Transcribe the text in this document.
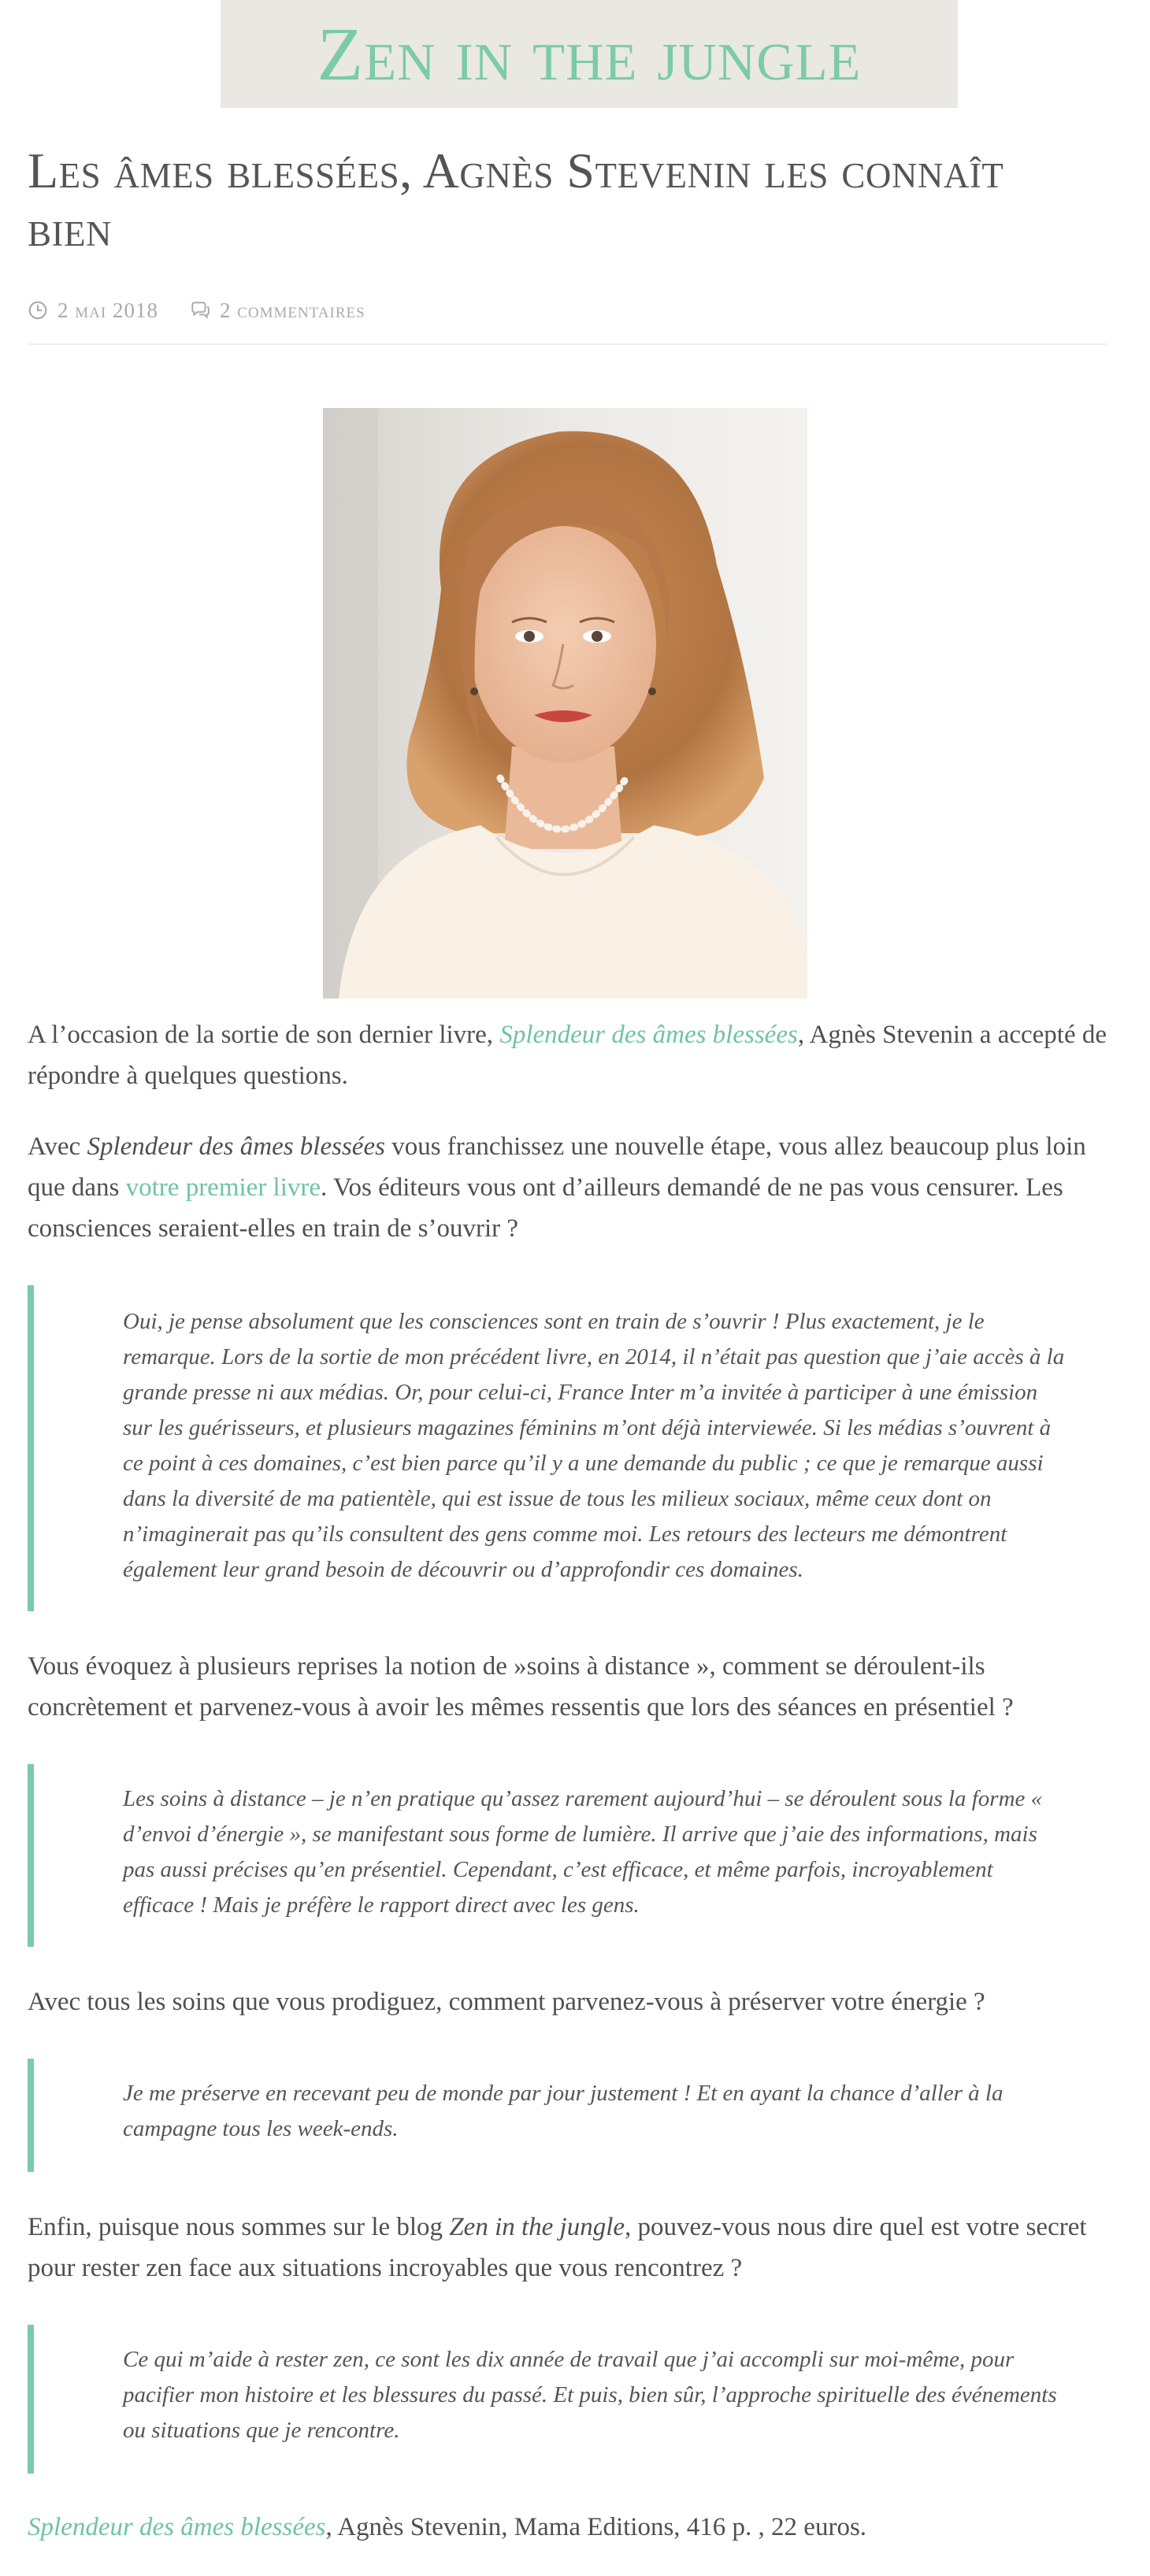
Zen in the jungle
Les âmes blessées, Agnès Stevenin les connaît bien
2 mai 2018	2 commentaires

A l’occasion de la sortie de son dernier livre, Splendeur des âmes blessées, Agnès Stevenin a accepté de répondre à quelques questions.

Avec Splendeur des âmes blessées vous franchissez une nouvelle étape, vous allez beaucoup plus loin que dans votre premier livre. Vos éditeurs vous ont d’ailleurs demandé de ne pas vous censurer. Les consciences seraient-elles en train de s’ouvrir ?

Oui, je pense absolument que les consciences sont en train de s’ouvrir ! Plus exactement, je le remarque. Lors de la sortie de mon précédent livre, en 2014, il n’était pas question que j’aie accès à la grande presse ni aux médias. Or, pour celui-ci, France Inter m’a invitée à participer à une émission sur les guérisseurs, et plusieurs magazines féminins m’ont déjà interviewée. Si les médias s’ouvrent à ce point à ces domaines, c’est bien parce qu’il y a une demande du public ; ce que je remarque aussi dans la diversité de ma patientèle, qui est issue de tous les milieux sociaux, même ceux dont on n’imaginerait pas qu’ils consultent des gens comme moi. Les retours des lecteurs me démontrent également leur grand besoin de découvrir ou d’approfondir ces domaines.

Vous évoquez à plusieurs reprises la notion de »soins à distance », comment se déroulent-ils concrètement et parvenez-vous à avoir les mêmes ressentis que lors des séances en présentiel ?

Les soins à distance – je n’en pratique qu’assez rarement aujourd’hui – se déroulent sous la forme « d’envoi d’énergie », se manifestant sous forme de lumière. Il arrive que j’aie des informations, mais pas aussi précises qu’en présentiel. Cependant, c’est efficace, et même parfois, incroyablement efficace ! Mais je préfère le rapport direct avec les gens.

Avec tous les soins que vous prodiguez, comment parvenez-vous à préserver votre énergie ?

Je me préserve en recevant peu de monde par jour justement ! Et en ayant la chance d’aller à la campagne tous les week-ends.

Enfin, puisque nous sommes sur le blog Zen in the jungle, pouvez-vous nous dire quel est votre secret pour rester zen face aux situations incroyables que vous rencontrez ?

Ce qui m’aide à rester zen, ce sont les dix année de travail que j’ai accompli sur moi-même, pour pacifier mon histoire et les blessures du passé. Et puis, bien sûr, l’approche spirituelle des événements ou situations que je rencontre.

Splendeur des âmes blessées, Agnès Stevenin, Mama Editions, 416 p. , 22 euros.
